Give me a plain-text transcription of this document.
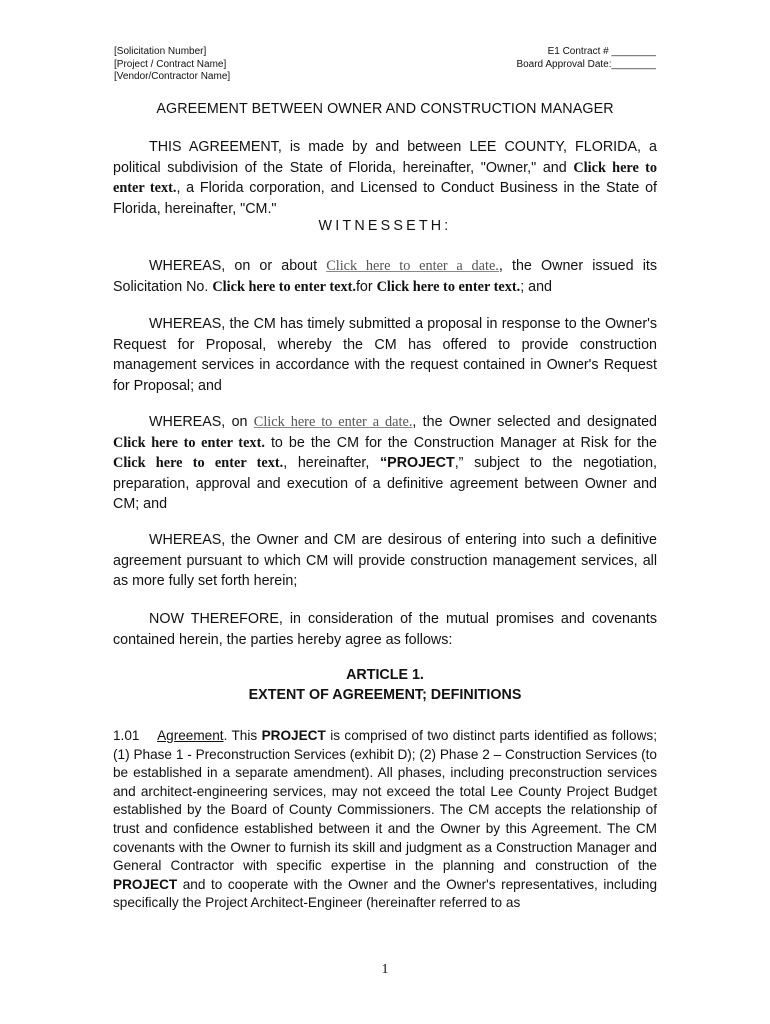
[Solicitation Number]
[Project / Contract Name]
[Vendor/Contractor Name]
E1 Contract # ________
Board Approval Date:________
AGREEMENT BETWEEN OWNER AND CONSTRUCTION MANAGER
THIS AGREEMENT, is made by and between LEE COUNTY, FLORIDA, a political subdivision of the State of Florida, hereinafter, "Owner," and Click here to enter text., a Florida corporation, and Licensed to Conduct Business in the State of Florida, hereinafter, "CM."
WITNESSETH:
WHEREAS, on or about Click here to enter a date., the Owner issued its Solicitation No. Click here to enter text.for Click here to enter text.; and
WHEREAS, the CM has timely submitted a proposal in response to the Owner's Request for Proposal, whereby the CM has offered to provide construction management services in accordance with the request contained in Owner's Request for Proposal; and
WHEREAS, on Click here to enter a date., the Owner selected and designated Click here to enter text. to be the CM for the Construction Manager at Risk for the Click here to enter text., hereinafter, “PROJECT,” subject to the negotiation, preparation, approval and execution of a definitive agreement between Owner and CM; and
WHEREAS, the Owner and CM are desirous of entering into such a definitive agreement pursuant to which CM will provide construction management services, all as more fully set forth herein;
NOW THEREFORE, in consideration of the mutual promises and covenants contained herein, the parties hereby agree as follows:
ARTICLE 1.
EXTENT OF AGREEMENT; DEFINITIONS
1.01 Agreement. This PROJECT is comprised of two distinct parts identified as follows; (1) Phase 1 - Preconstruction Services (exhibit D); (2) Phase 2 – Construction Services (to be established in a separate amendment). All phases, including preconstruction services and architect-engineering services, may not exceed the total Lee County Project Budget established by the Board of County Commissioners. The CM accepts the relationship of trust and confidence established between it and the Owner by this Agreement. The CM covenants with the Owner to furnish its skill and judgment as a Construction Manager and General Contractor with specific expertise in the planning and construction of the PROJECT and to cooperate with the Owner and the Owner's representatives, including specifically the Project Architect-Engineer (hereinafter referred to as
1
